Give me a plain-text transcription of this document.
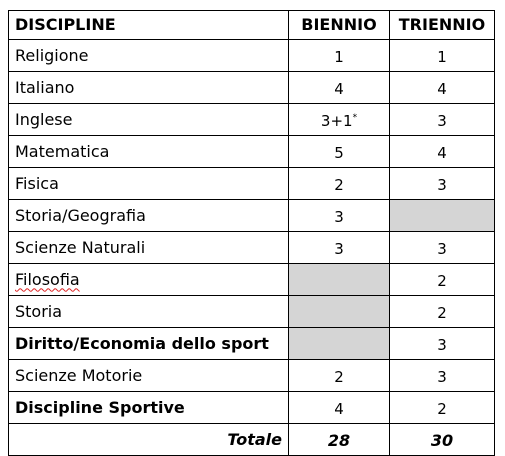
DISCIPLINE	BIENNIO	TRIENNIO
Religione	1	1
Italiano	4	4
Inglese	3+1*	3
Matematica	5	4
Fisica	2	3
Storia/Geografia	3	
Scienze Naturali	3	3
Filosofia		2
Storia		2
Diritto/Economia dello sport		3
Scienze Motorie	2	3
Discipline Sportive	4	2
Totale	28	30
